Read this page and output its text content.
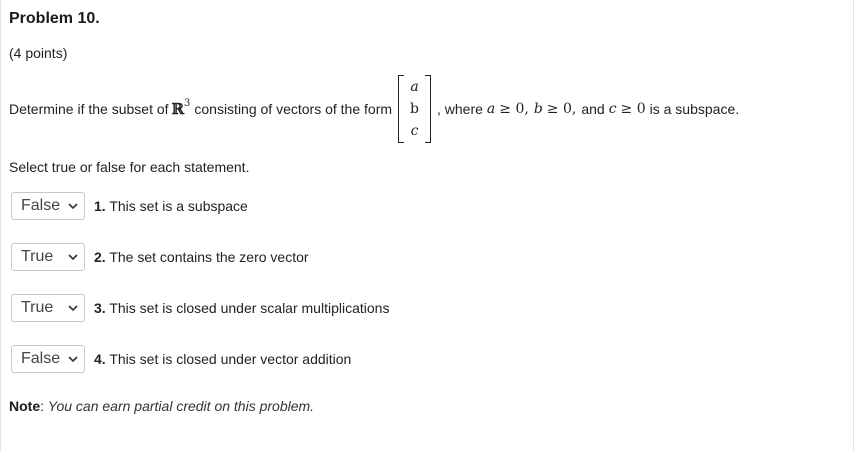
Problem 10.
(4 points)
Determine if the subset of ℝ 3 consisting of vectors of the form
a
b
c
, where a ≥ 0, b ≥ 0, and c ≥ 0 is a subspace.
Select true or false for each statement.
False 1. This set is a subspace
True	2. The set contains the zero vector
True	3. This set is closed under scalar multiplications
False 4. This set is closed under vector addition
Note: You can earn partial credit on this problem.
